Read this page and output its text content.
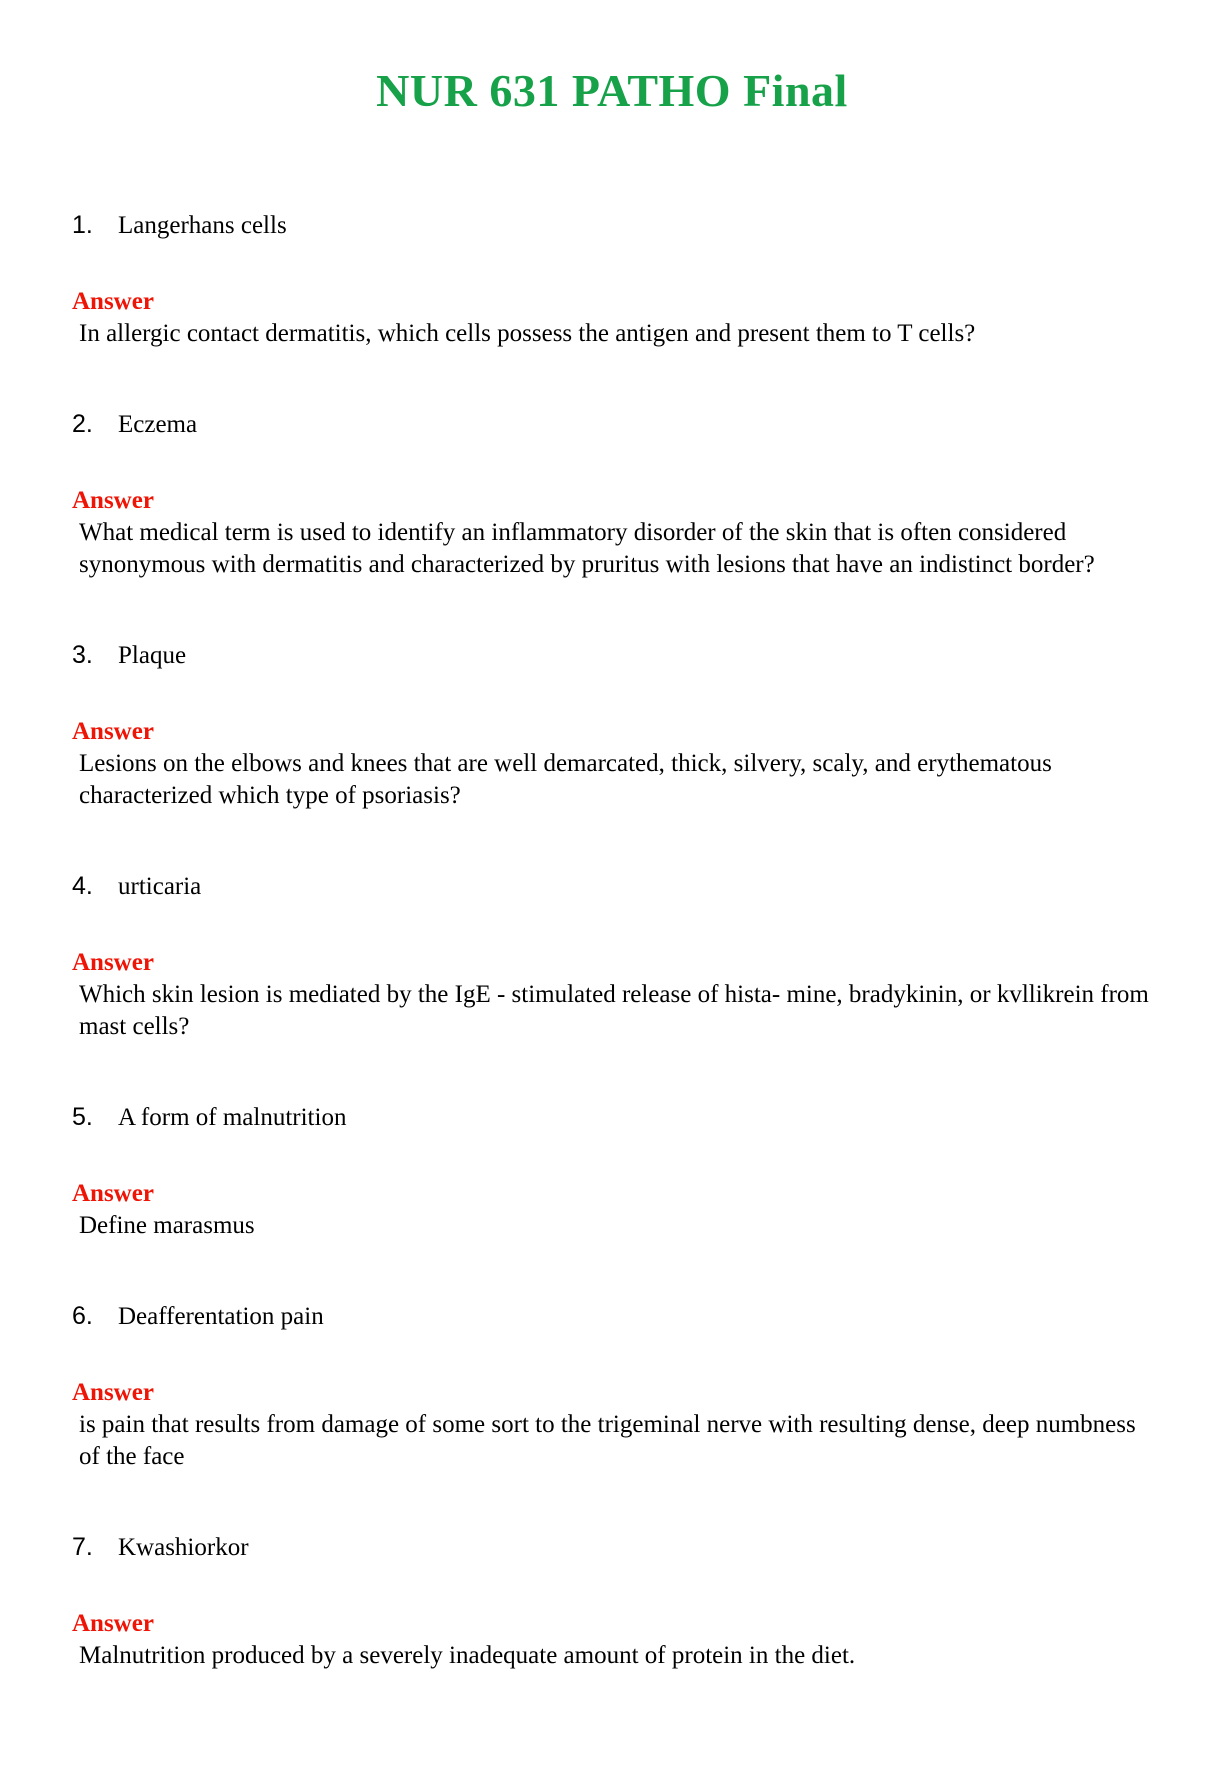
NUR 631 PATHO Final
1.	Langerhans cells
Answer
In allergic contact dermatitis, which cells possess the antigen and present them to T cells?
2.	Eczema
Answer
What medical term is used to identify an inflammatory disorder of the skin that is often considered synonymous with dermatitis and characterized by pruritus with lesions that have an indistinct border?
3.	Plaque
Answer
Lesions on the elbows and knees that are well demarcated, thick, silvery, scaly, and erythematous characterized which type of psoriasis?
4.	urticaria
Answer
Which skin lesion is mediated by the IgE - stimulated release of hista- mine, bradykinin, or kvllikrein from mast cells?
5.	A form of malnutrition
Answer
Define marasmus
6.	Deafferentation pain
Answer
is pain that results from damage of some sort to the trigeminal nerve with resulting dense, deep numbness of the face
7.	Kwashiorkor
Answer
Malnutrition produced by a severely inadequate amount of protein in the diet.
